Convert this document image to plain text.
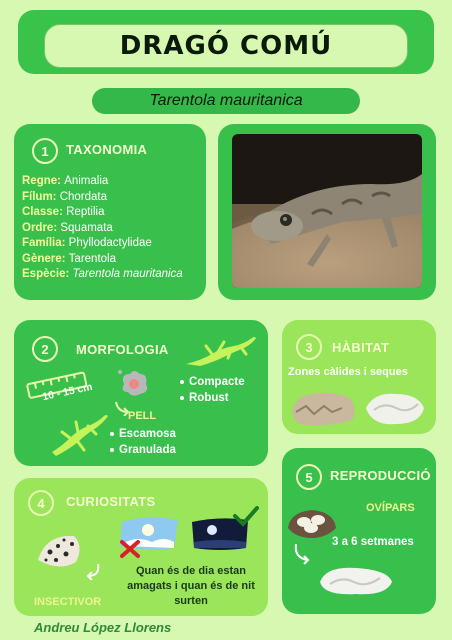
DRAGÓ COMÚ
Tarentola mauritanica
1	TAXONOMIA
Regne: Animalia
Fílum: Chordata
Classe: Reptilia
Ordre: Squamata
Família: Phyllodactylidae
Gènere: Tarentola
Espècie: Tarentola mauritanica
2	MORFOLOGIA
10 - 15 cm	Compacte
Robust
PELL
Escamosa
Granulada
3	HÀBITAT
Zones càlides i seques
4	CURIOSITATS
INSECTIVOR
Quan és de dia estan amagats i quan és de nit surten
5	REPRODUCCIÓ
OVÍPARS
3 a 6 setmanes
Andreu López Llorens
